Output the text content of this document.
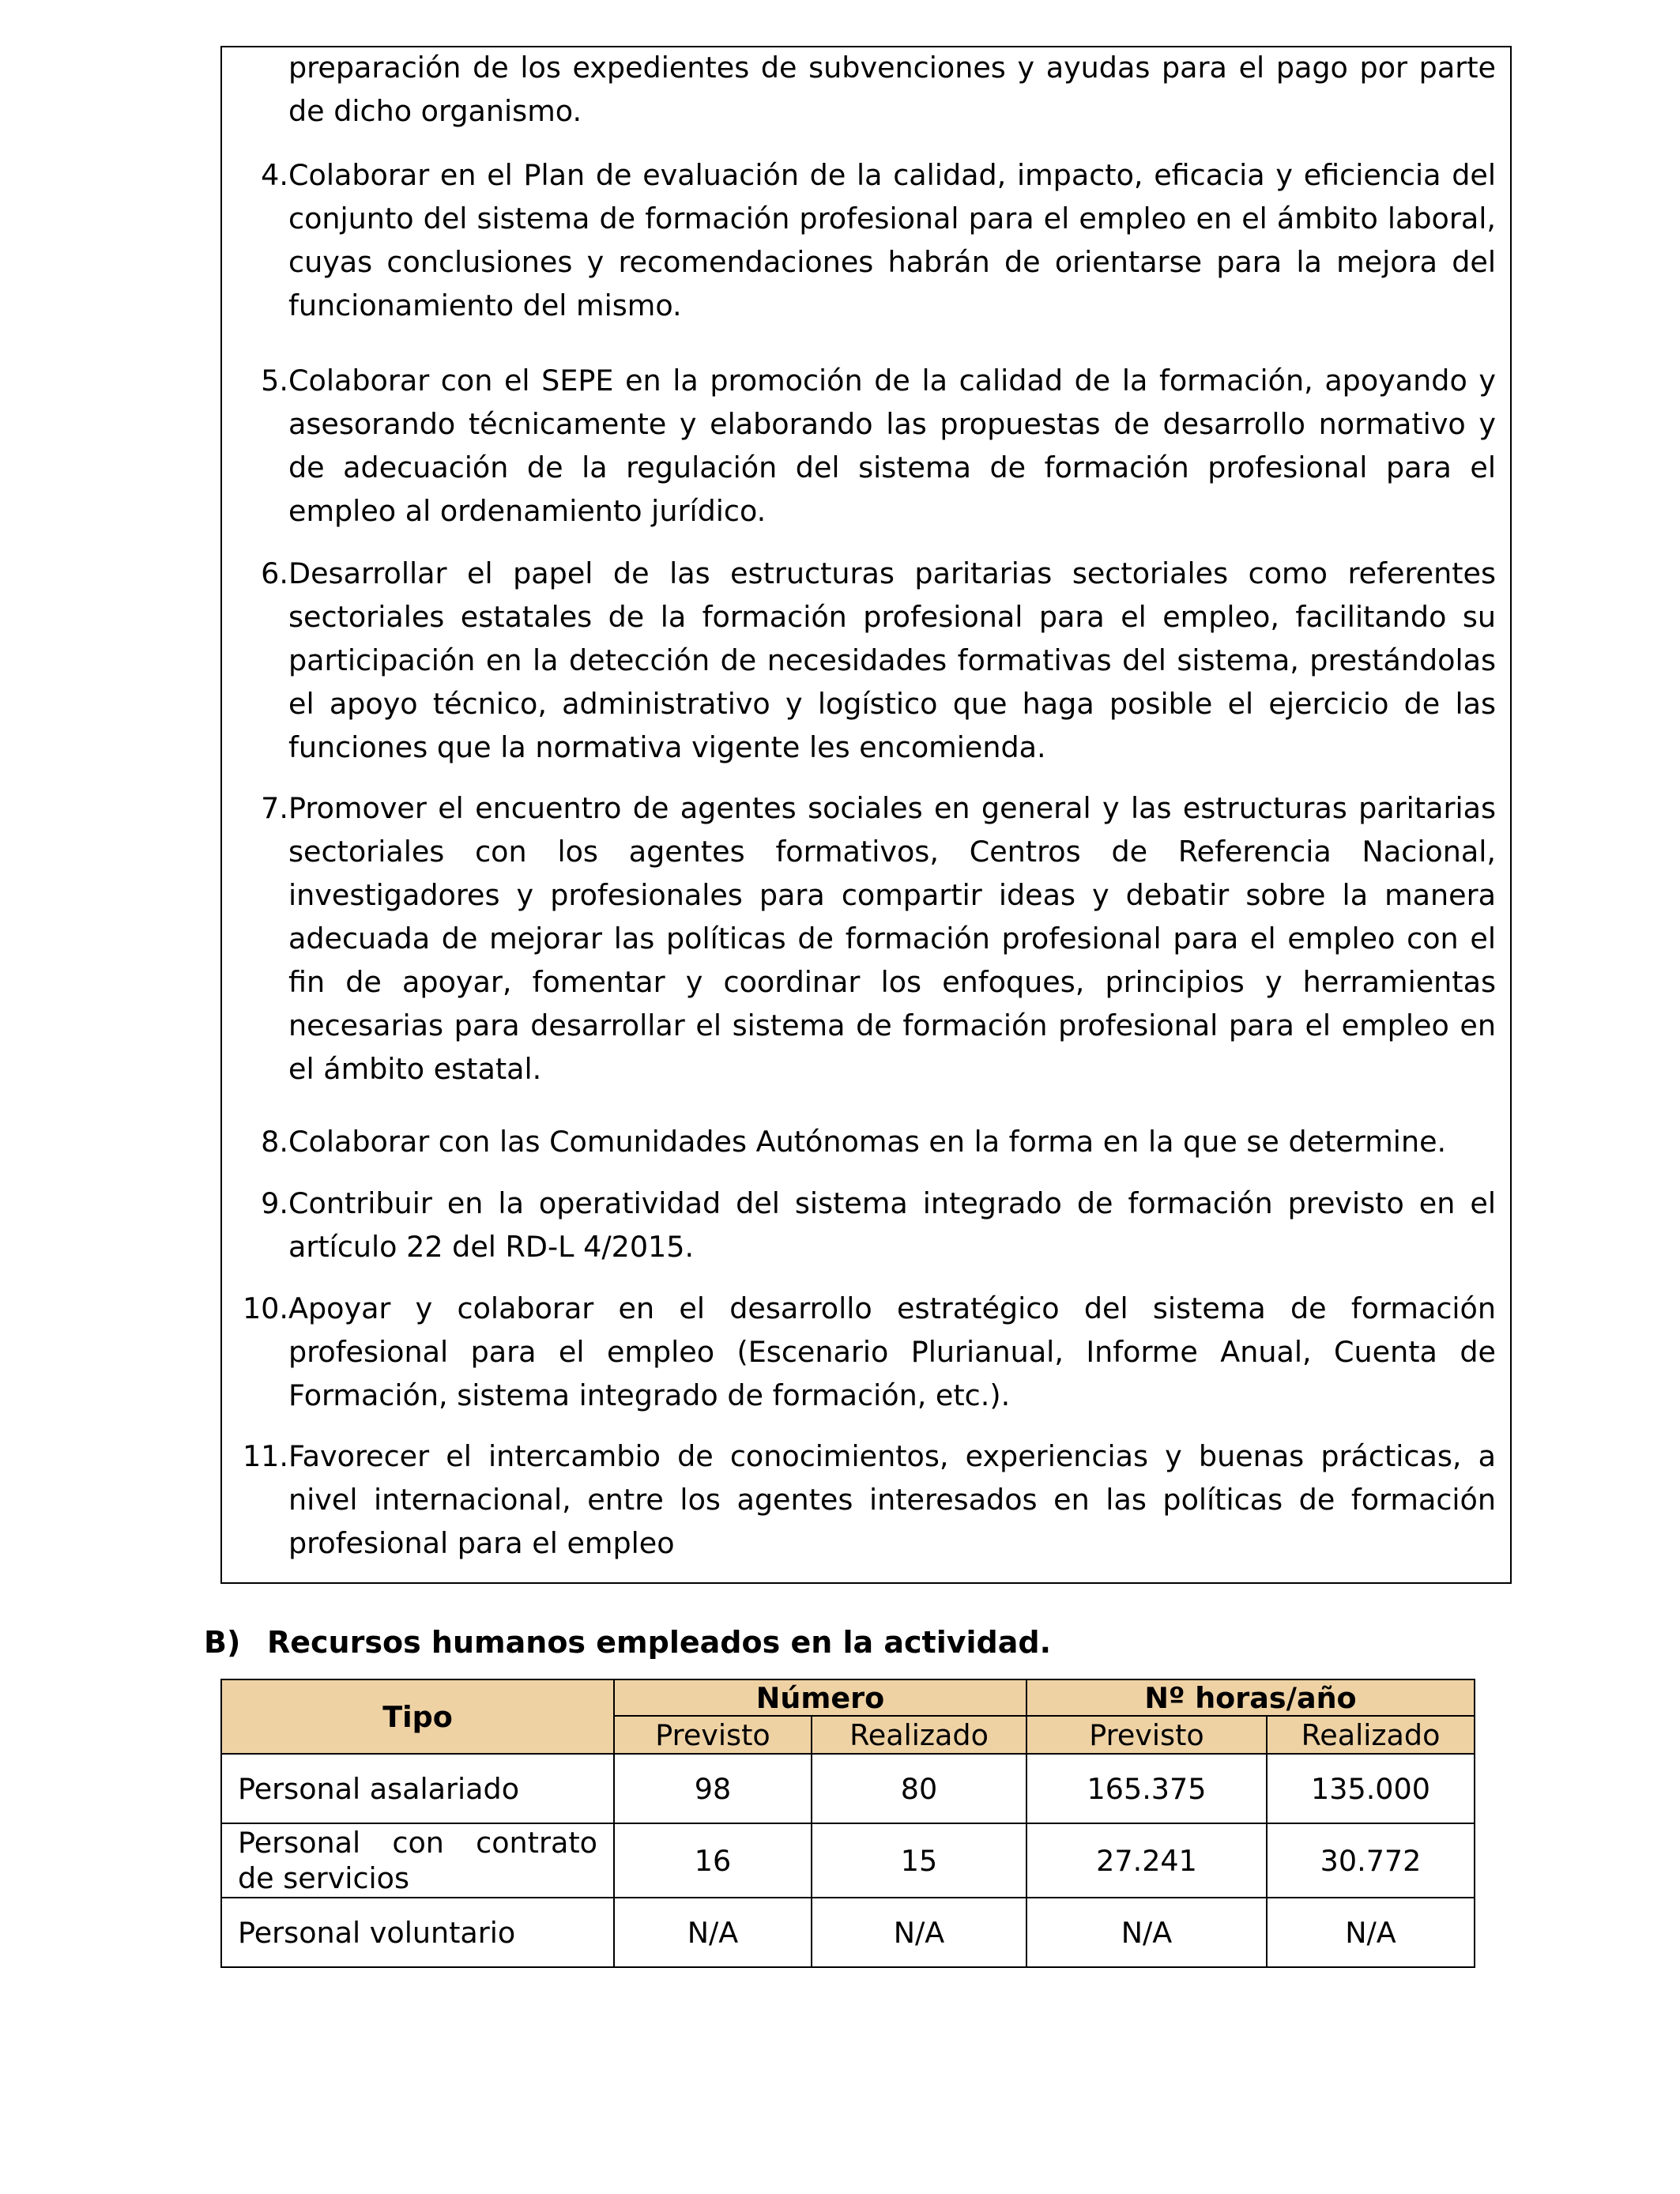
preparación de los expedientes de subvenciones y ayudas para el pago por parte de dicho organismo.

4. Colaborar en el Plan de evaluación de la calidad, impacto, eficacia y eficiencia del conjunto del sistema de formación profesional para el empleo en el ámbito laboral, cuyas conclusiones y recomendaciones habrán de orientarse para la mejora del funcionamiento del mismo.
5. Colaborar con el SEPE en la promoción de la calidad de la formación, apoyando y asesorando técnicamente y elaborando las propuestas de desarrollo normativo y de adecuación de la regulación del sistema de formación profesional para el empleo al ordenamiento jurídico.
6. Desarrollar el papel de las estructuras paritarias sectoriales como referentes sectoriales estatales de la formación profesional para el empleo, facilitando su participación en la detección de necesidades formativas del sistema, prestándolas el apoyo técnico, administrativo y logístico que haga posible el ejercicio de las funciones que la normativa vigente les encomienda.
7. Promover el encuentro de agentes sociales en general y las estructuras paritarias sectoriales con los agentes formativos, Centros de Referencia Nacional, investigadores y profesionales para compartir ideas y debatir sobre la manera adecuada de mejorar las políticas de formación profesional para el empleo con el fin de apoyar, fomentar y coordinar los enfoques, principios y herramientas necesarias para desarrollar el sistema de formación profesional para el empleo en el ámbito estatal.
8. Colaborar con las Comunidades Autónomas en la forma en la que se determine.
9. Contribuir en la operatividad del sistema integrado de formación previsto en el artículo 22 del RD-L 4/2015.
10. Apoyar y colaborar en el desarrollo estratégico del sistema de formación profesional para el empleo (Escenario Plurianual, Informe Anual, Cuenta de Formación, sistema integrado de formación, etc.).
11. Favorecer el intercambio de conocimientos, experiencias y buenas prácticas, a nivel internacional, entre los agentes interesados en las políticas de formación profesional para el empleo
B) Recursos humanos empleados en la actividad.
Tipo	Número		Nº horas/año	
	Previsto	Realizado	Previsto	Realizado
Personal asalariado	98	80	165.375	135.000

Personal con contrato
de servicios	16	15	27.241	30.772
Personal voluntario	N/A	N/A	N/A	N/A
